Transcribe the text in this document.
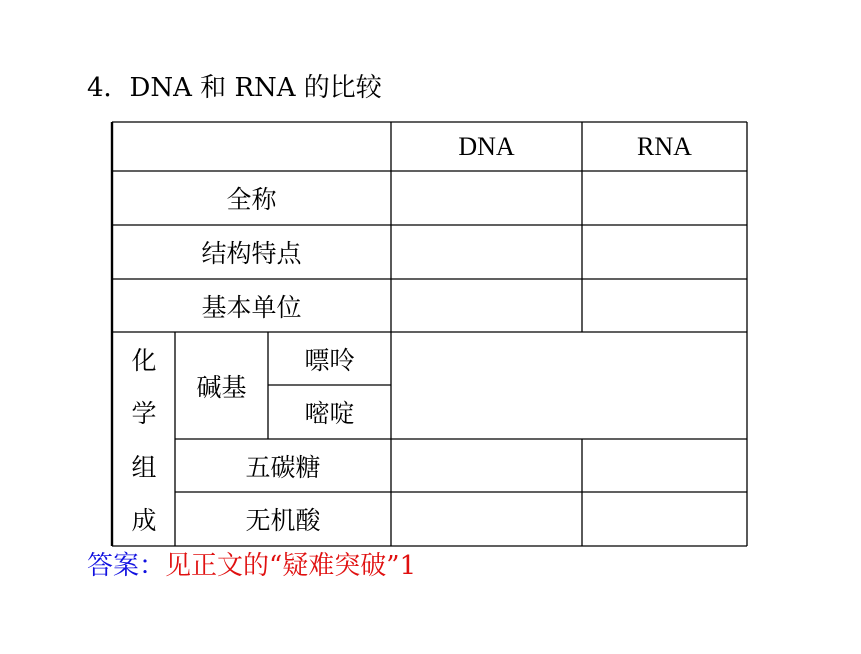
4．DNA 和 RNA 的比较
DNA	RNA
全称
结构特点
基本单位
化
学
组
成
碱基
嘌呤
嘧啶
五碳糖
无机酸
答案：见正文的“疑难突破”1
